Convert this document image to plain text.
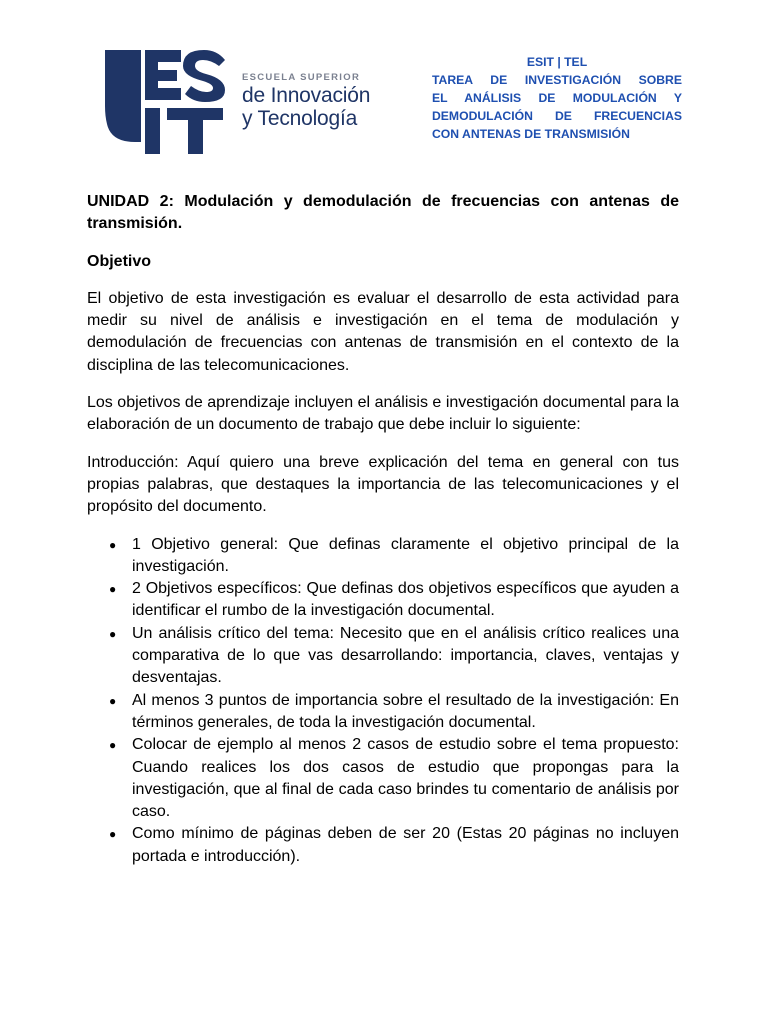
ESCUELA SUPERIOR
de Innovación
y Tecnología
ESIT | TEL
TAREA DE INVESTIGACIÓN SOBRE
EL ANÁLISIS DE MODULACIÓN Y
DEMODULACIÓN DE FRECUENCIAS
CON ANTENAS DE TRANSMISIÓN

UNIDAD 2: Modulación y demodulación de frecuencias con antenas de transmisión.

Objetivo

El objetivo de esta investigación es evaluar el desarrollo de esta actividad para medir su nivel de análisis e investigación en el tema de modulación y demodulación de frecuencias con antenas de transmisión en el contexto de la disciplina de las telecomunicaciones.

Los objetivos de aprendizaje incluyen el análisis e investigación documental para la elaboración de un documento de trabajo que debe incluir lo siguiente:

Introducción: Aquí quiero una breve explicación del tema en general con tus propias palabras, que destaques la importancia de las telecomunicaciones y el propósito del documento.

● 1 Objetivo general: Que definas claramente el objetivo principal de la investigación.
● 2 Objetivos específicos: Que definas dos objetivos específicos que ayuden a identificar el rumbo de la investigación documental.
● Un análisis crítico del tema: Necesito que en el análisis crítico realices una comparativa de lo que vas desarrollando: importancia, claves, ventajas y desventajas.
● Al menos 3 puntos de importancia sobre el resultado de la investigación: En términos generales, de toda la investigación documental.
● Colocar de ejemplo al menos 2 casos de estudio sobre el tema propuesto: Cuando realices los dos casos de estudio que propongas para la investigación, que al final de cada caso brindes tu comentario de análisis por caso.
● Como mínimo de páginas deben de ser 20 (Estas 20 páginas no incluyen portada e introducción).
